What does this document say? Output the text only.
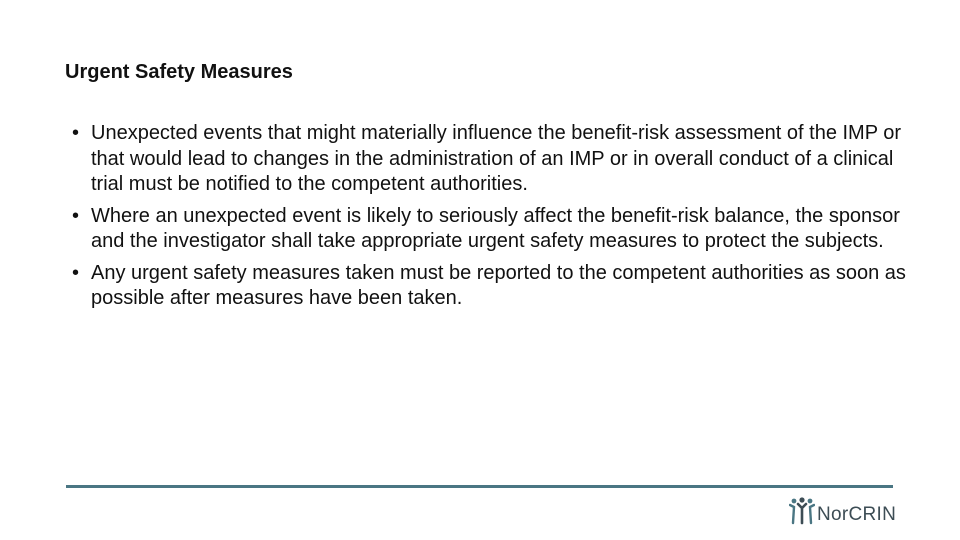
Urgent Safety Measures
• Unexpected events that might materially influence the benefit-risk assessment of the IMP or that would lead to changes in the administration of an IMP or in overall conduct of a clinical trial must be notified to the competent authorities.
• Where an unexpected event is likely to seriously affect the benefit-risk balance, the sponsor and the investigator shall take appropriate urgent safety measures to protect the subjects.
• Any urgent safety measures taken must be reported to the competent authorities as soon as possible after measures have been taken.
NorCRIN
